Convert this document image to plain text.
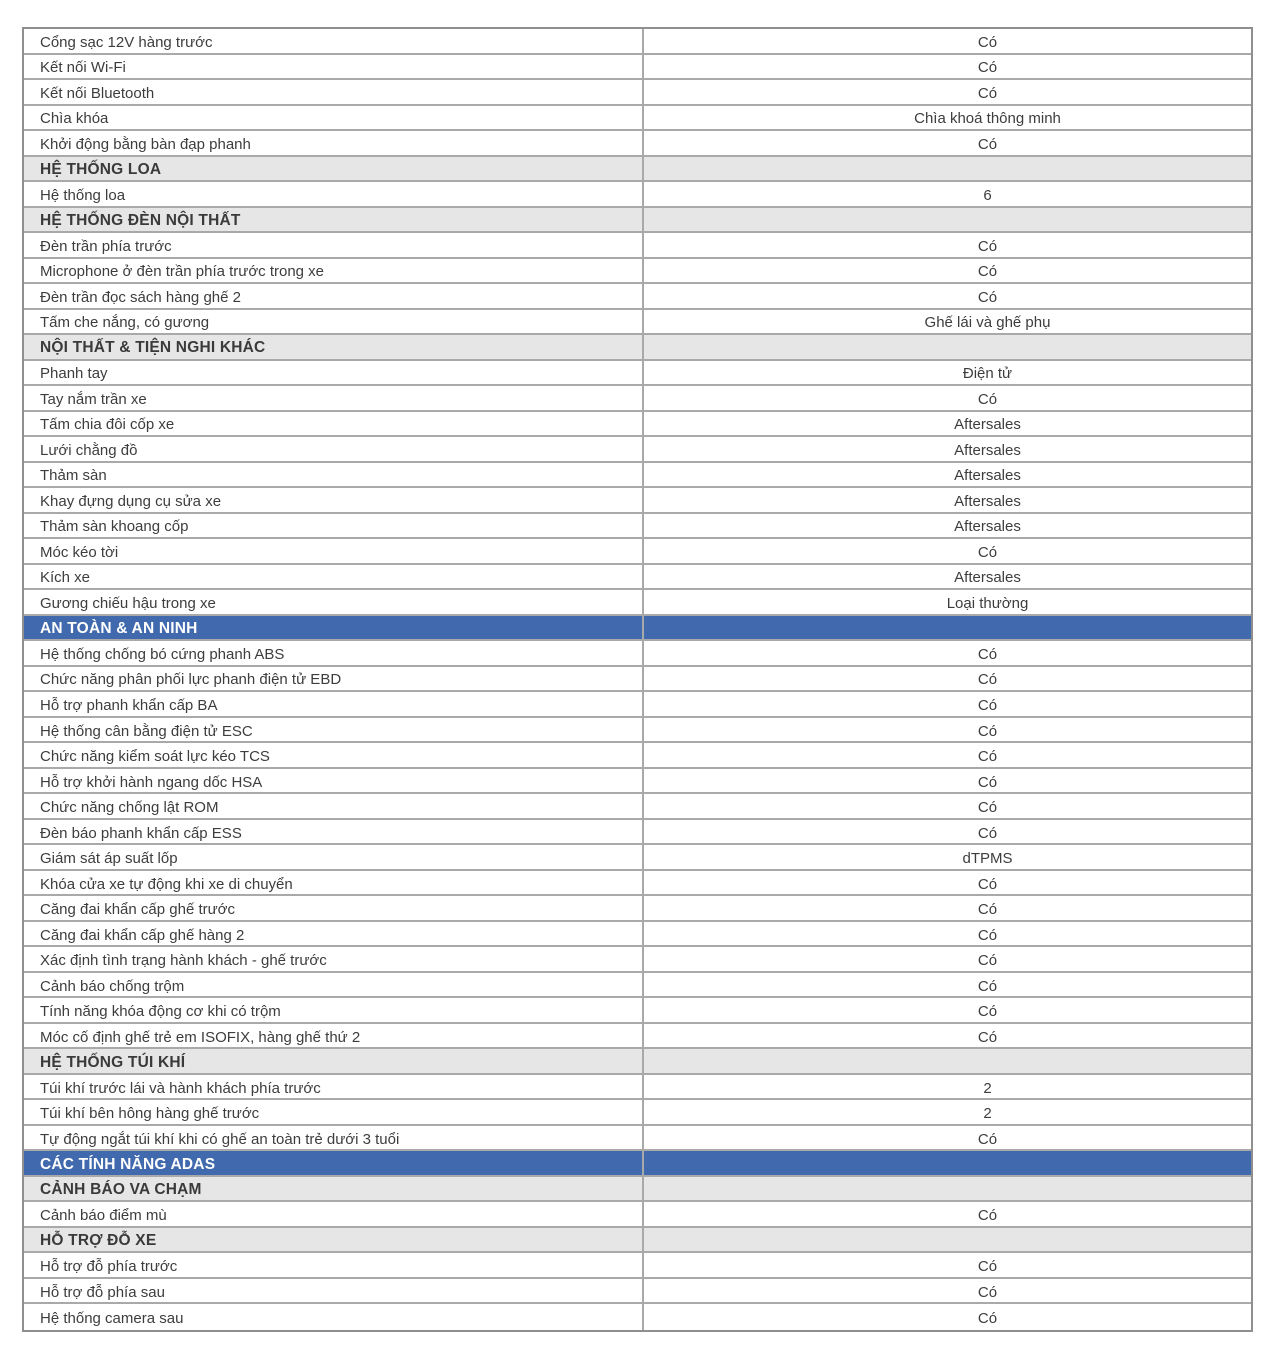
Cổng sạc 12V hàng trước	Có
Kết nối Wi-Fi	Có
Kết nối Bluetooth	Có
Chìa khóa	Chìa khoá thông minh
Khởi động bằng bàn đạp phanh	Có
HỆ THỐNG LOA
Hệ thống loa	6
HỆ THỐNG ĐÈN NỘI THẤT
Đèn trần phía trước	Có
Microphone ở đèn trần phía trước trong xe	Có
Đèn trần đọc sách hàng ghế 2	Có
Tấm che nắng, có gương	Ghế lái và ghế phụ
NỘI THẤT & TIỆN NGHI KHÁC
Phanh tay	Điện tử
Tay nắm trần xe	Có
Tấm chia đôi cốp xe	Aftersales
Lưới chằng đồ	Aftersales
Thảm sàn	Aftersales
Khay đựng dụng cụ sửa xe	Aftersales
Thảm sàn khoang cốp	Aftersales
Móc kéo tời	Có
Kích xe	Aftersales
Gương chiếu hậu trong xe	Loại thường
AN TOÀN & AN NINH
Hệ thống chống bó cứng phanh ABS	Có
Chức năng phân phối lực phanh điện tử EBD	Có
Hỗ trợ phanh khẩn cấp BA	Có
Hệ thống cân bằng điện tử ESC	Có
Chức năng kiểm soát lực kéo TCS	Có
Hỗ trợ khởi hành ngang dốc HSA	Có
Chức năng chống lật ROM	Có
Đèn báo phanh khẩn cấp ESS	Có
Giám sát áp suất lốp	dTPMS
Khóa cửa xe tự động khi xe di chuyển	Có
Căng đai khẩn cấp ghế trước	Có
Căng đai khẩn cấp ghế hàng 2	Có
Xác định tình trạng hành khách - ghế trước	Có
Cảnh báo chống trộm	Có
Tính năng khóa động cơ khi có trộm	Có
Móc cố định ghế trẻ em ISOFIX, hàng ghế thứ 2	Có
HỆ THỐNG TÚI KHÍ
Túi khí trước lái và hành khách phía trước	2
Túi khí bên hông hàng ghế trước	2
Tự động ngắt túi khí khi có ghế an toàn trẻ dưới 3 tuổi	Có
CÁC TÍNH NĂNG ADAS
CẢNH BÁO VA CHẠM
Cảnh báo điểm mù	Có
HỖ TRỢ ĐỖ XE
Hỗ trợ đỗ phía trước	Có
Hỗ trợ đỗ phía sau	Có
Hệ thống camera sau	Có
